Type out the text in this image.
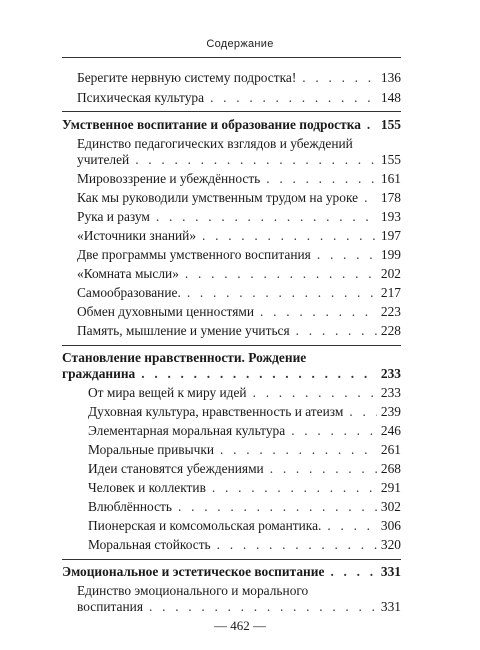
Содержание
Берегите нервную систему подростка! . . .	136
Психическая культура . . .	148
Умственное воспитание и образование подростка . . . 155
Единство педагогических взглядов и убеждений
учителей . . .	155
Мировоззрение и убеждённость . . .	161
Как мы руководили умственным трудом на уроке . . . 178
Рука и разум . . .	193
«Источники знаний» . . .	197
Две программы умственного воспитания . . .	199
«Комната мысли» . . .	202
Самообразование. . . .	217
Обмен духовными ценностями . . .	223
Память, мышление и умение учиться . . .	228
Становление нравственности. Рождение
гражданина . . .	233
От мира вещей к миру идей . . .	233
Духовная культура, нравственность и атеизм . . .	239
Элементарная моральная культура . . .	246
Моральные привычки . . .	261
Идеи становятся убеждениями . . .	268
Человек и коллектив . . .	291
Влюблённость . . .	302
Пионерская и комсомольская романтика. . . .	306
Моральная стойкость . . .	320
Эмоциональное и эстетическое воспитание . . .	331
Единство эмоционального и морального
воспитания . . .	331
— 462 —
